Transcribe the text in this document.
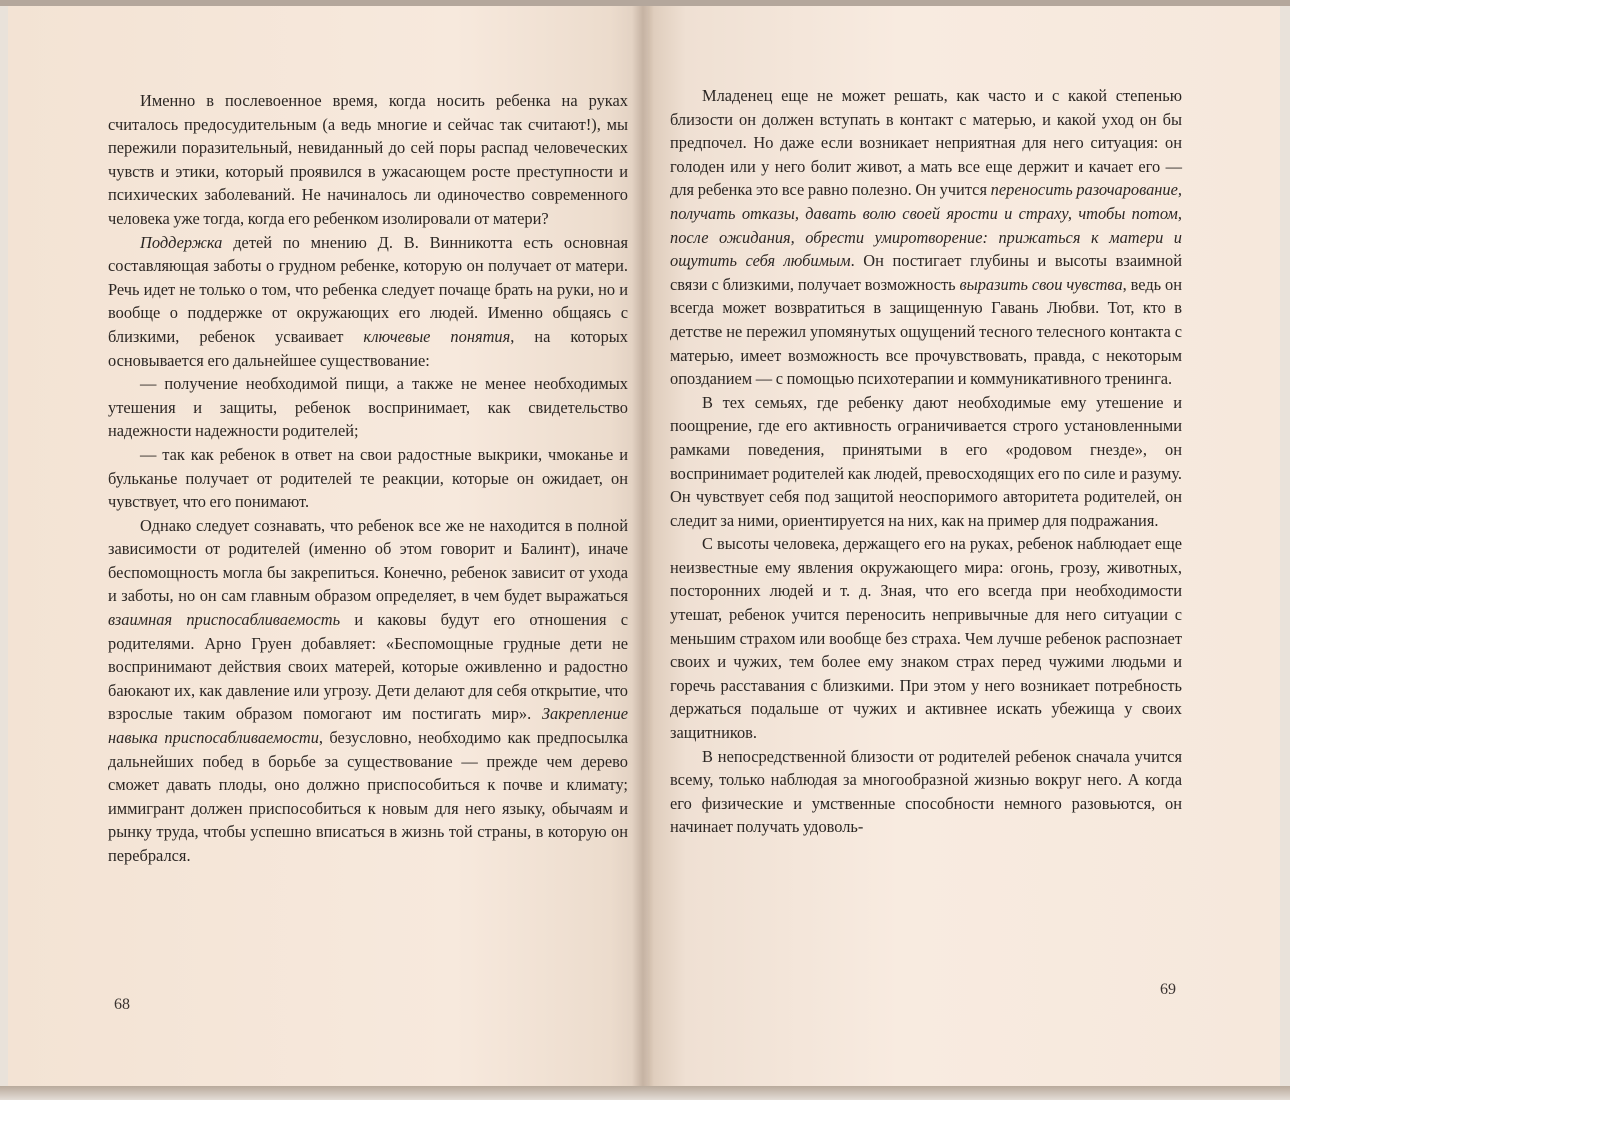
Именно в послевоенное время, когда носить ребенка на руках считалось предосудительным (а ведь многие и сейчас так считают!), мы пережили поразительный, невиданный до сей поры распад человеческих чувств и этики, который проявился в ужасающем росте преступности и психических заболеваний. Не начиналось ли одиночество современного человека уже тогда, когда его ребенком изолировали от матери?

Поддержка детей по мнению Д. В. Винникотта есть основная составляющая заботы о грудном ребенке, которую он получает от матери. Речь идет не только о том, что ребенка следует почаще брать на руки, но и вообще о поддержке от окружающих его людей. Именно общаясь с близкими, ребенок усваивает ключевые понятия, на которых основывается его дальнейшее существование:

— получение необходимой пищи, а также не менее необходимых утешения и защиты, ребенок воспринимает, как свидетельство надежности надежности родителей;

— так как ребенок в ответ на свои радостные выкрики, чмоканье и бульканье получает от родителей те реакции, которые он ожидает, он чувствует, что его понимают.

Однако следует сознавать, что ребенок все же не находится в полной зависимости от родителей (именно об этом говорит и Балинт), иначе беспомощность могла бы закрепиться. Конечно, ребенок зависит от ухода и заботы, но он сам главным образом определяет, в чем будет выражаться взаимная приспосабливаемость и каковы будут его отношения с родителями. Арно Груен добавляет: «Беспомощные грудные дети не воспринимают действия своих матерей, которые оживленно и радостно баюкают их, как давление или угрозу. Дети делают для себя открытие, что взрослые таким образом помогают им постигать мир». Закрепление навыка приспосабливаемости, безусловно, необходимо как предпосылка дальнейших побед в борьбе за существование — прежде чем дерево сможет давать плоды, оно должно приспособиться к почве и климату; иммигрант должен приспособиться к новым для него языку, обычаям и рынку труда, чтобы успешно вписаться в жизнь той страны, в которую он перебрался.

68

Младенец еще не может решать, как часто и с какой степенью близости он должен вступать в контакт с матерью, и какой уход он бы предпочел. Но даже если возникает неприятная для него ситуация: он голоден или у него болит живот, а мать все еще держит и качает его — для ребенка это все равно полезно. Он учится переносить разочарование, получать отказы, давать волю своей ярости и страху, чтобы потом, после ожидания, обрести умиротворение: прижаться к матери и ощутить себя любимым. Он постигает глубины и высоты взаимной связи с близкими, получает возможность выразить свои чувства, ведь он всегда может возвратиться в защищенную Гавань Любви. Тот, кто в детстве не пережил упомянутых ощущений тесного телесного контакта с матерью, имеет возможность все прочувствовать, правда, с некоторым опозданием — с помощью психотерапии и коммуникативного тренинга.

В тех семьях, где ребенку дают необходимые ему утешение и поощрение, где его активность ограничивается строго установленными рамками поведения, принятыми в его «родовом гнезде», он воспринимает родителей как людей, превосходящих его по силе и разуму. Он чувствует себя под защитой неоспоримого авторитета родителей, он следит за ними, ориентируется на них, как на пример для подражания.

С высоты человека, держащего его на руках, ребенок наблюдает еще неизвестные ему явления окружающего мира: огонь, грозу, животных, посторонних людей и т. д. Зная, что его всегда при необходимости утешат, ребенок учится переносить непривычные для него ситуации с меньшим страхом или вообще без страха. Чем лучше ребенок распознает своих и чужих, тем более ему знаком страх перед чужими людьми и горечь расставания с близкими. При этом у него возникает потребность держаться подальше от чужих и активнее искать убежища у своих защитников.

В непосредственной близости от родителей ребенок сначала учится всему, только наблюдая за многообразной жизнью вокруг него. А когда его физические и умственные способности немного разовьются, он начинает получать удоволь-

69
